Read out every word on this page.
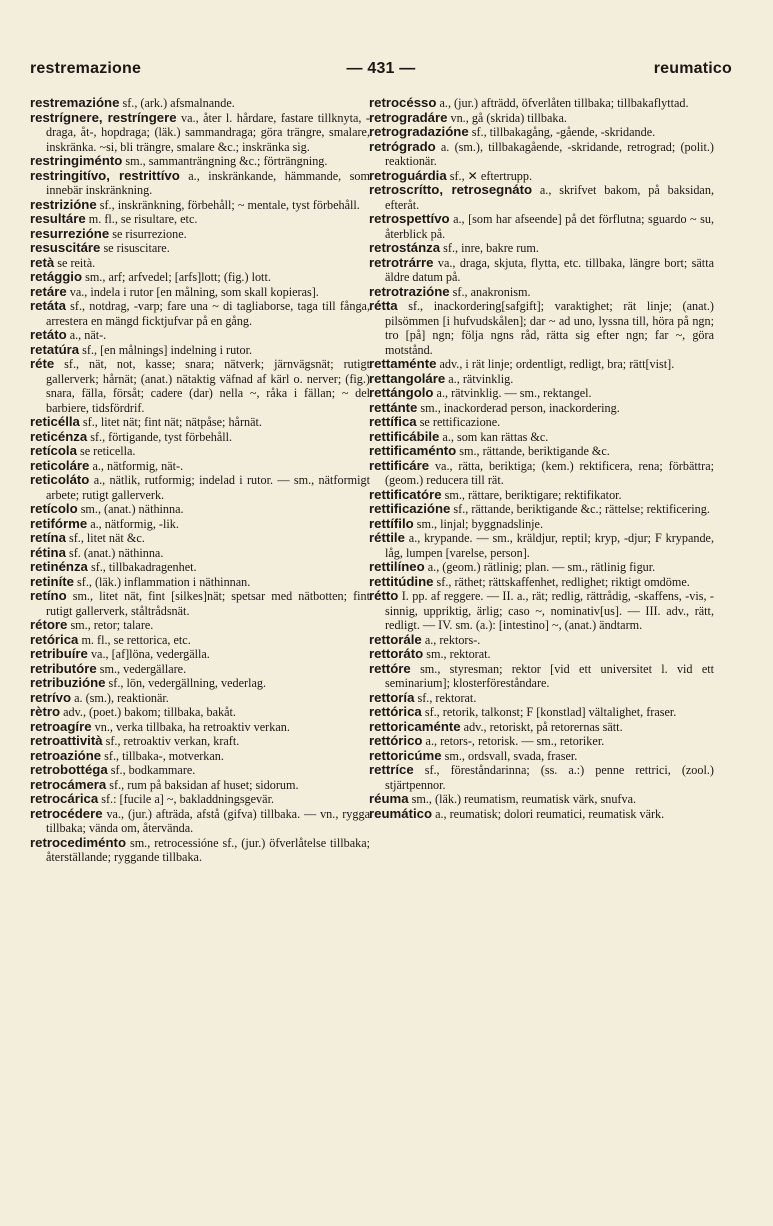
restremazione	— 431 —	reumatico

restremazióne sf., (ark.) afsmalnande.

restrígnere, restríngere va., åter l. hårdare, fastare tillknyta, -draga, åt-, hopdraga; (läk.) sammandraga; göra trängre, smalare, inskränka. ~si, bli trängre, smalare &c.; inskränka sig.

restringiménto sm., sammanträngning &c.; förträngning.

restringitívo, restrittívo a., inskränkande, hämmande, som innebär inskränkning.

restrizióne sf., inskränkning, förbehåll; ~ mentale, tyst förbehåll.

resultáre m. fl., se risultare, etc.

resurrezióne se risurrezione.

resuscitáre se risuscitare.

retà se reità.

retággio sm., arf; arfvedel; [arfs]lott; (fig.) lott.

retáre va., indela i rutor [en målning, som skall kopieras].

retáta sf., notdrag, -varp; fare una ~ di tagliaborse, taga till fånga, arrestera en mängd ficktjufvar på en gång.

retáto a., nät-.

retatúra sf., [en målnings] indelning i rutor.

réte sf., nät, not, kasse; snara; nätverk; järnvägsnät; rutigt gallerverk; hårnät; (anat.) nätaktig väfnad af kärl o. nerver; (fig.) snara, fälla, försåt; cadere (dar) nella ~, råka i fällan; ~ del barbiere, tidsfördrif.

reticélla sf., litet nät; fint nät; nätpåse; hårnät.

reticénza sf., förtigande, tyst förbehåll.

retícola se reticella.

reticoláre a., nätformig, nät-.

reticoláto a., nätlik, rutformig; indelad i rutor. — sm., nätformigt arbete; rutigt gallerverk.

retícolo sm., (anat.) näthinna.

retifórme a., nätformig, -lik.

retína sf., litet nät &c.

rétina sf. (anat.) näthinna.

retinénza sf., tillbakadragenhet.

retiníte sf., (läk.) inflammation i näthinnan.

retíno sm., litet nät, fint [silkes]nät; spetsar med nätbotten; fint rutigt gallerverk, ståltrådsnät.

rétore sm., retor; talare.

retórica m. fl., se rettorica, etc.

retribuíre va., [af]löna, vedergälla.

retributóre sm., vedergällare.

retribuzióne sf., lön, vedergällning, vederlag.

retrívo a. (sm.), reaktionär.

rètro adv., (poet.) bakom; tillbaka, bakåt.

retroagíre vn., verka tillbaka, ha retroaktiv verkan.

retroattività sf., retroaktiv verkan, kraft.

retroazióne sf., tillbaka-, motverkan.

retrobottéga sf., bodkammare.

retrocámera sf., rum på baksidan af huset; sidorum.

retrocárica sf.: [fucile a] ~, bakladdningsgevär.

retrocédere va., (jur.) afträda, afstå (gifva) tillbaka. — vn., rygga tillbaka; vända om, återvända.

retrocediménto sm., retrocessióne sf., (jur.) öfverlåtelse tillbaka; återställande; ryggande tillbaka.

retrocésso a., (jur.) afträdd, öfverlåten tillbaka; tillbakaflyttad.

retrogradáre vn., gå (skrida) tillbaka.

retrogradazióne sf., tillbakagång, -gående, -skridande.

retrógrado a. (sm.), tillbakagående, -skridande, retrograd; (polit.) reaktionär.

retroguárdia sf., ✕ eftertrupp.

retroscrítto, retrosegnáto a., skrifvet bakom, på baksidan, efteråt.

retrospettívo a., [som har afseende] på det förflutna; sguardo ~ su, återblick på.

retrostánza sf., inre, bakre rum.

retrotrárre va., draga, skjuta, flytta, etc. tillbaka, längre bort; sätta äldre datum på.

retrotrazióne sf., anakronism.

rétta sf., inackordering[safgift]; varaktighet; rät linje; (anat.) pilsömmen [i hufvudskålen]; dar ~ ad uno, lyssna till, höra på ngn; tro [på] ngn; följa ngns råd, rätta sig efter ngn; far ~, göra motstånd.

rettaménte adv., i rät linje; ordentligt, redligt, bra; rätt[vist].

rettangoláre a., rätvinklig.

rettángolo a., rätvinklig. — sm., rektangel.

rettánte sm., inackorderad person, inackordering.

rettífica se rettificazione.

rettificábile a., som kan rättas &c.

rettificaménto sm., rättande, beriktigande &c.

rettificáre va., rätta, beriktiga; (kem.) rektificera, rena; förbättra; (geom.) reducera till rät.

rettificatóre sm., rättare, beriktigare; rektifikator.

rettificazióne sf., rättande, beriktigande &c.; rättelse; rektificering.

rettífilo sm., linjal; byggnadslinje.

réttile a., krypande. — sm., kräldjur, reptil; kryp, -djur; F krypande, låg, lumpen [varelse, person].

rettilíneo a., (geom.) rätlinig; plan. — sm., rätlinig figur.

rettitúdine sf., räthet; rättskaffenhet, redlighet; riktigt omdöme.

rétto I. pp. af reggere. — II. a., rät; redlig, rättrådig, -skaffens, -vis, -sinnig, uppriktig, ärlig; caso ~, nominativ[us]. — III. adv., rätt, redligt. — IV. sm. (a.): [intestino] ~, (anat.) ändtarm.

rettorále a., rektors-.

rettoráto sm., rektorat.

rettóre sm., styresman; rektor [vid ett universitet l. vid ett seminarium]; klosterföreståndare.

rettoría sf., rektorat.

rettórica sf., retorik, talkonst; F [konstlad] vältalighet, fraser.

rettoricaménte adv., retoriskt, på retorernas sätt.

rettórico a., retors-, retorisk. — sm., retoriker.

rettoricúme sm., ordsvall, svada, fraser.

rettríce sf., föreståndarinna; (ss. a.:) penne rettrici, (zool.) stjärtpennor.

réuma sm., (läk.) reumatism, reumatisk värk, snufva.

reumático a., reumatisk; dolori reumatici, reumatisk värk.
